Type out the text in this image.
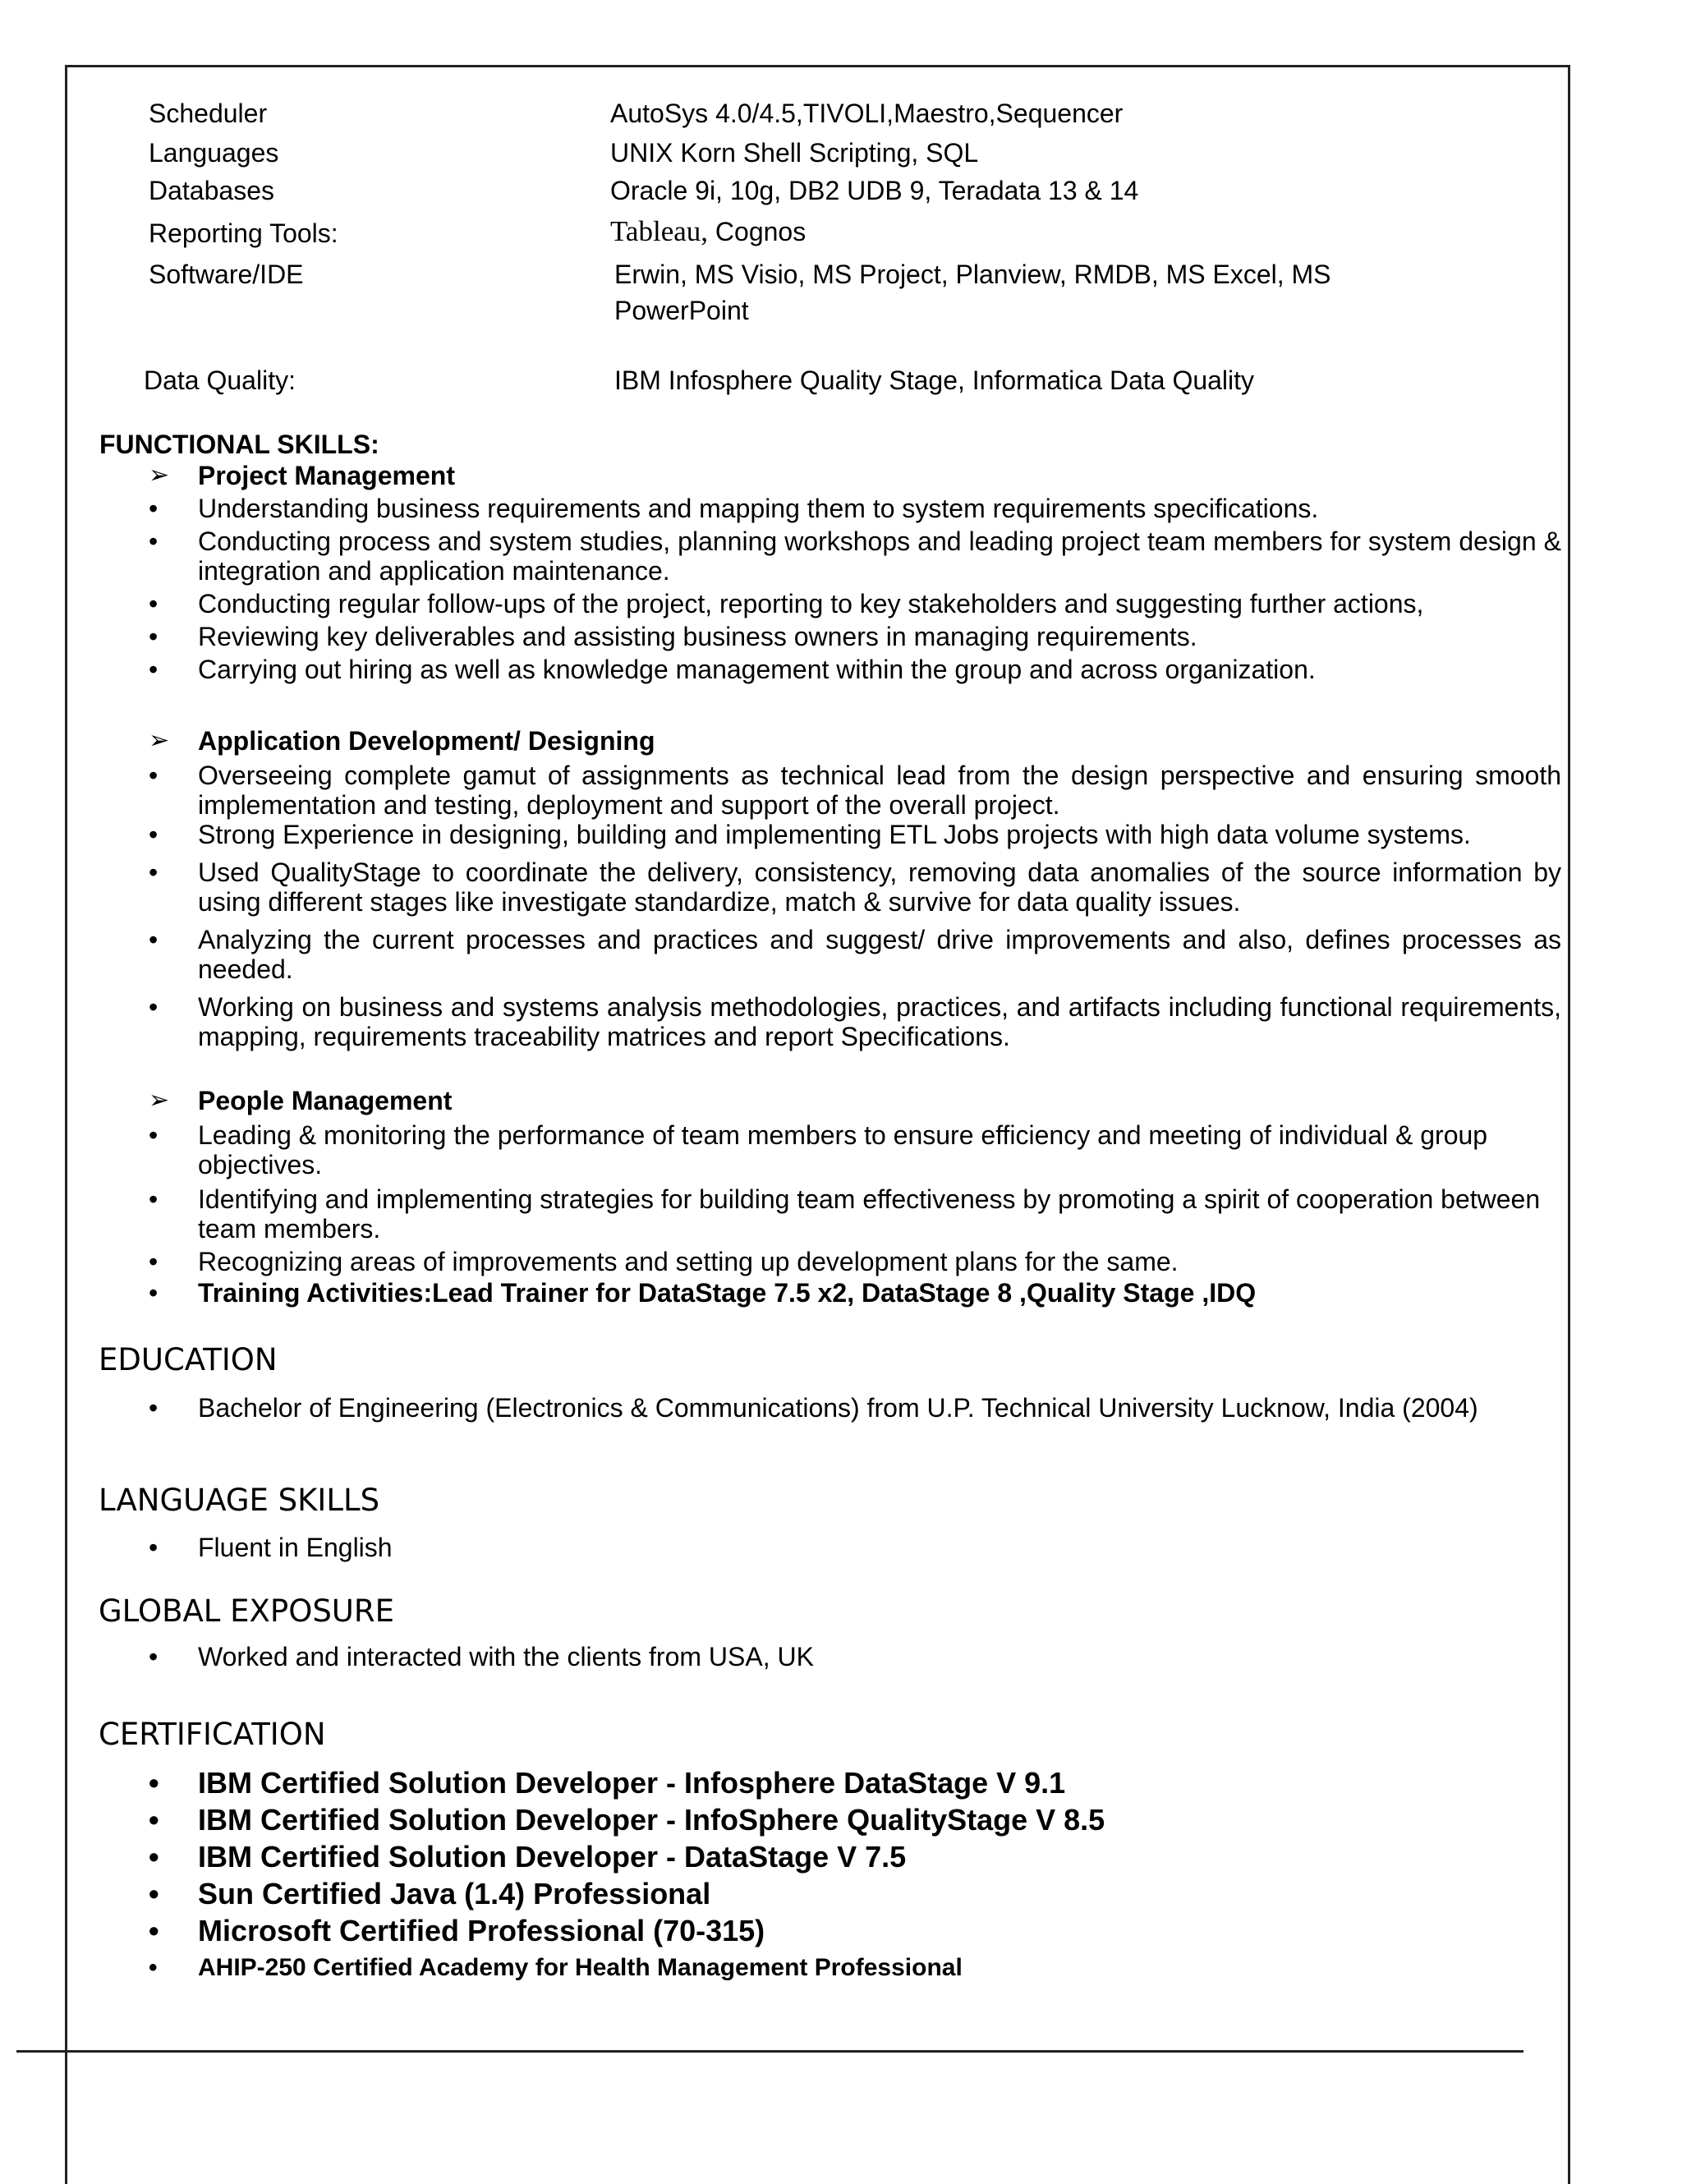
Scheduler	AutoSys 4.0/4.5,TIVOLI,Maestro,Sequencer
Languages	UNIX Korn Shell Scripting, SQL
Databases	Oracle 9i, 10g, DB2 UDB 9, Teradata 13 & 14
Reporting Tools:	Tableau, Cognos
Software/IDE	Erwin, MS Visio, MS Project, Planview, RMDB, MS Excel, MS
PowerPoint
Data Quality:	IBM Infosphere Quality Stage, Informatica Data Quality
FUNCTIONAL SKILLS:
➢	Project Management
•	Understanding business requirements and mapping them to system requirements specifications.
•	Conducting process and system studies, planning workshops and leading project team members for system design & integration and application maintenance.
•	Conducting regular follow-ups of the project, reporting to key stakeholders and suggesting further actions,
•	Reviewing key deliverables and assisting business owners in managing requirements.
•	Carrying out hiring as well as knowledge management within the group and across organization.
➢	Application Development/ Designing
•	Overseeing complete gamut of assignments as technical lead from the design perspective and ensuring smooth implementation and testing, deployment and support of the overall project.
•	Strong Experience in designing, building and implementing ETL Jobs projects with high data volume systems.
•	Used QualityStage to coordinate the delivery, consistency, removing data anomalies of the source information by using different stages like investigate standardize, match & survive for data quality issues.
•	Analyzing the current processes and practices and suggest/ drive improvements and also, defines processes as needed.
•	Working on business and systems analysis methodologies, practices, and artifacts including functional requirements, mapping, requirements traceability matrices and report Specifications.
➢	People Management
•	Leading & monitoring the performance of team members to ensure efficiency and meeting of individual & group objectives.
•	Identifying and implementing strategies for building team effectiveness by promoting a spirit of cooperation between team members.
•	Recognizing areas of improvements and setting up development plans for the same.
•	Training Activities:Lead Trainer for DataStage 7.5 x2, DataStage 8 ,Quality Stage ,IDQ
EDUCATION
•	Bachelor of Engineering (Electronics & Communications) from U.P. Technical University Lucknow, India (2004)
LANGUAGE SKILLS
•	Fluent in English
GLOBAL EXPOSURE
•	Worked and interacted with the clients from USA, UK
CERTIFICATION
•	IBM Certified Solution Developer - Infosphere DataStage V 9.1
•	IBM Certified Solution Developer - InfoSphere QualityStage V 8.5
•	IBM Certified Solution Developer - DataStage V 7.5
•	Sun Certified Java (1.4) Professional
•	Microsoft Certified Professional (70-315)
•	AHIP-250 Certified Academy for Health Management Professional
